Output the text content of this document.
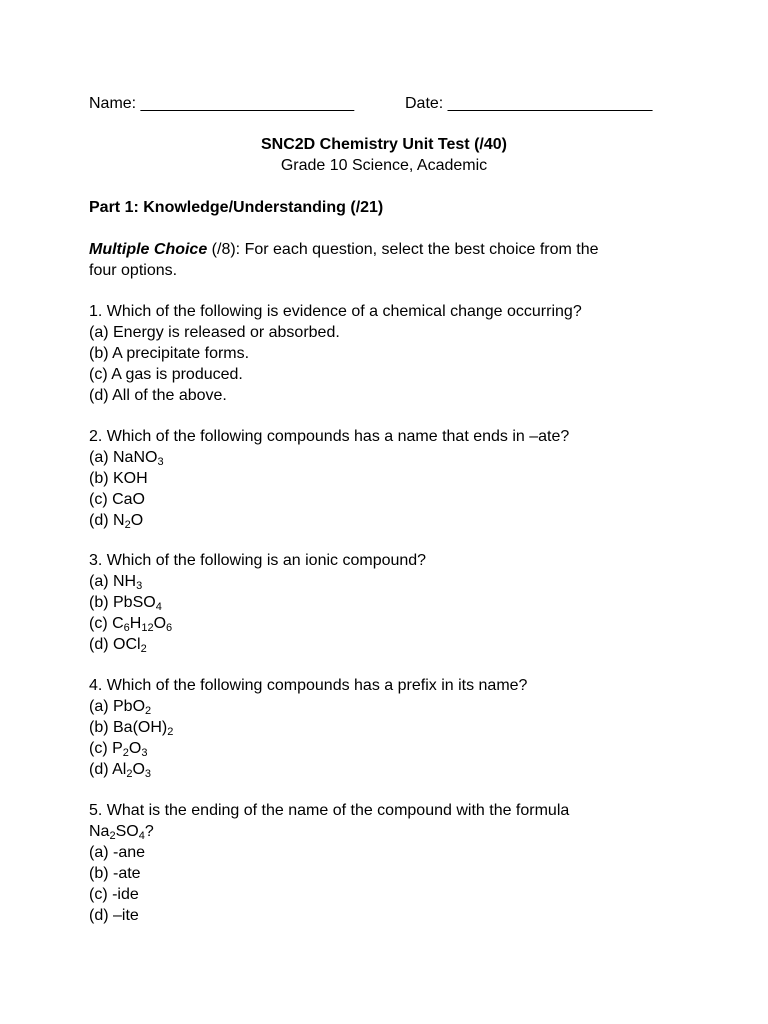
Name: ________________________	Date: _______________________
SNC2D Chemistry Unit Test (/40)
Grade 10 Science, Academic
Part 1: Knowledge/Understanding (/21)
Multiple Choice (/8): For each question, select the best choice from the
four options.
1. Which of the following is evidence of a chemical change occurring?
(a) Energy is released or absorbed.
(b) A precipitate forms.
(c) A gas is produced.
(d) All of the above.
2. Which of the following compounds has a name that ends in –ate?
(a) NaNO3
(b) KOH
(c) CaO
(d) N2O
3. Which of the following is an ionic compound?
(a) NH3
(b) PbSO4
(c) C6H12O6
(d) OCl2
4. Which of the following compounds has a prefix in its name?
(a) PbO2
(b) Ba(OH)2
(c) P2O3
(d) Al2O3
5. What is the ending of the name of the compound with the formula
Na2SO4?
(a) -ane
(b) -ate
(c) -ide
(d) –ite
